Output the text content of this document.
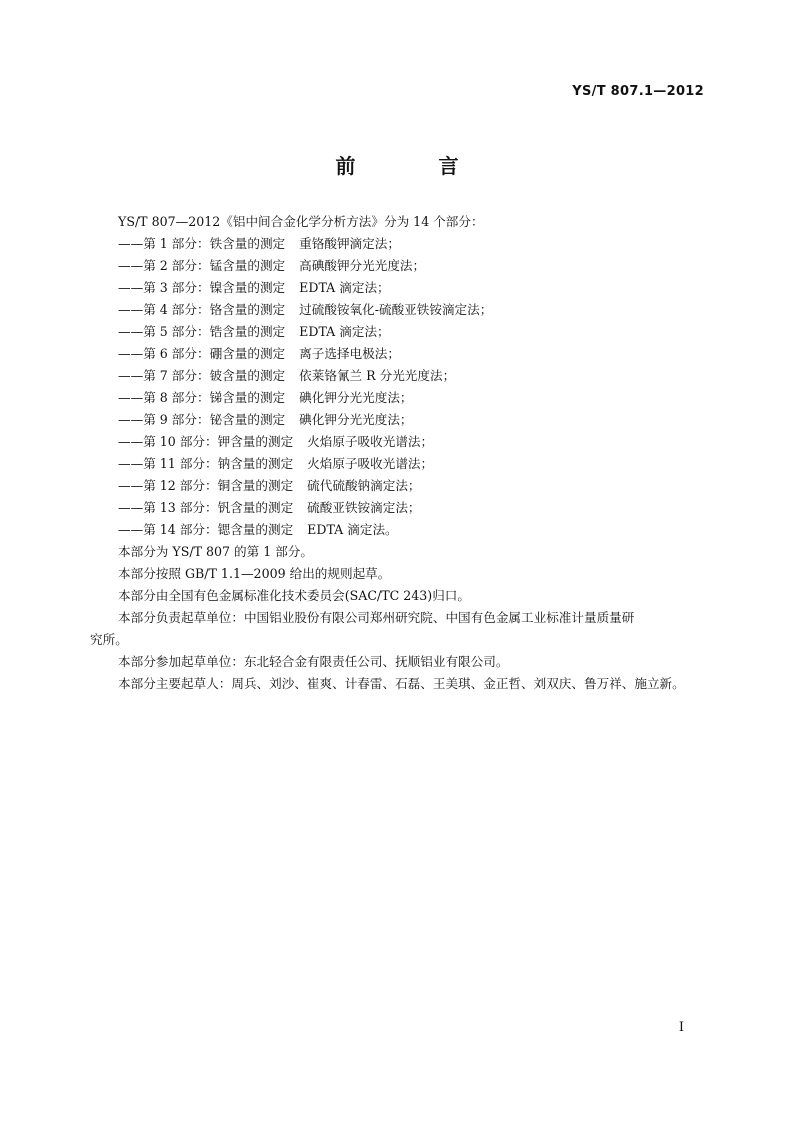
YS/T 807.1—2012
前 言

YS/T 807—2012《铝中间合金化学分析方法》分为 14 个部分：

——第 1 部分：铁含量的测定 重铬酸钾滴定法；

——第 2 部分：锰含量的测定 高碘酸钾分光光度法；

——第 3 部分：镍含量的测定 EDTA 滴定法；

——第 4 部分：铬含量的测定 过硫酸铵氧化-硫酸亚铁铵滴定法；

——第 5 部分：锆含量的测定 EDTA 滴定法；

——第 6 部分：硼含量的测定 离子选择电极法；

——第 7 部分：铍含量的测定 依莱铬氰兰 R 分光光度法；

——第 8 部分：锑含量的测定 碘化钾分光光度法；

——第 9 部分：铋含量的测定 碘化钾分光光度法；

——第 10 部分：钾含量的测定 火焰原子吸收光谱法；

——第 11 部分：钠含量的测定 火焰原子吸收光谱法；

——第 12 部分：铜含量的测定 硫代硫酸钠滴定法；

——第 13 部分：钒含量的测定 硫酸亚铁铵滴定法；

——第 14 部分：锶含量的测定 EDTA 滴定法。

本部分为 YS/T 807 的第 1 部分。

本部分按照 GB/T 1.1—2009 给出的规则起草。

本部分由全国有色金属标准化技术委员会(SAC/TC 243)归口。

本部分负责起草单位：中国铝业股份有限公司郑州研究院、中国有色金属工业标准计量质量研
究所。

本部分参加起草单位：东北轻合金有限责任公司、抚顺铝业有限公司。

本部分主要起草人：周兵、刘沙、崔爽、计春雷、石磊、王美琪、金正哲、刘双庆、鲁万祥、施立新。

I
